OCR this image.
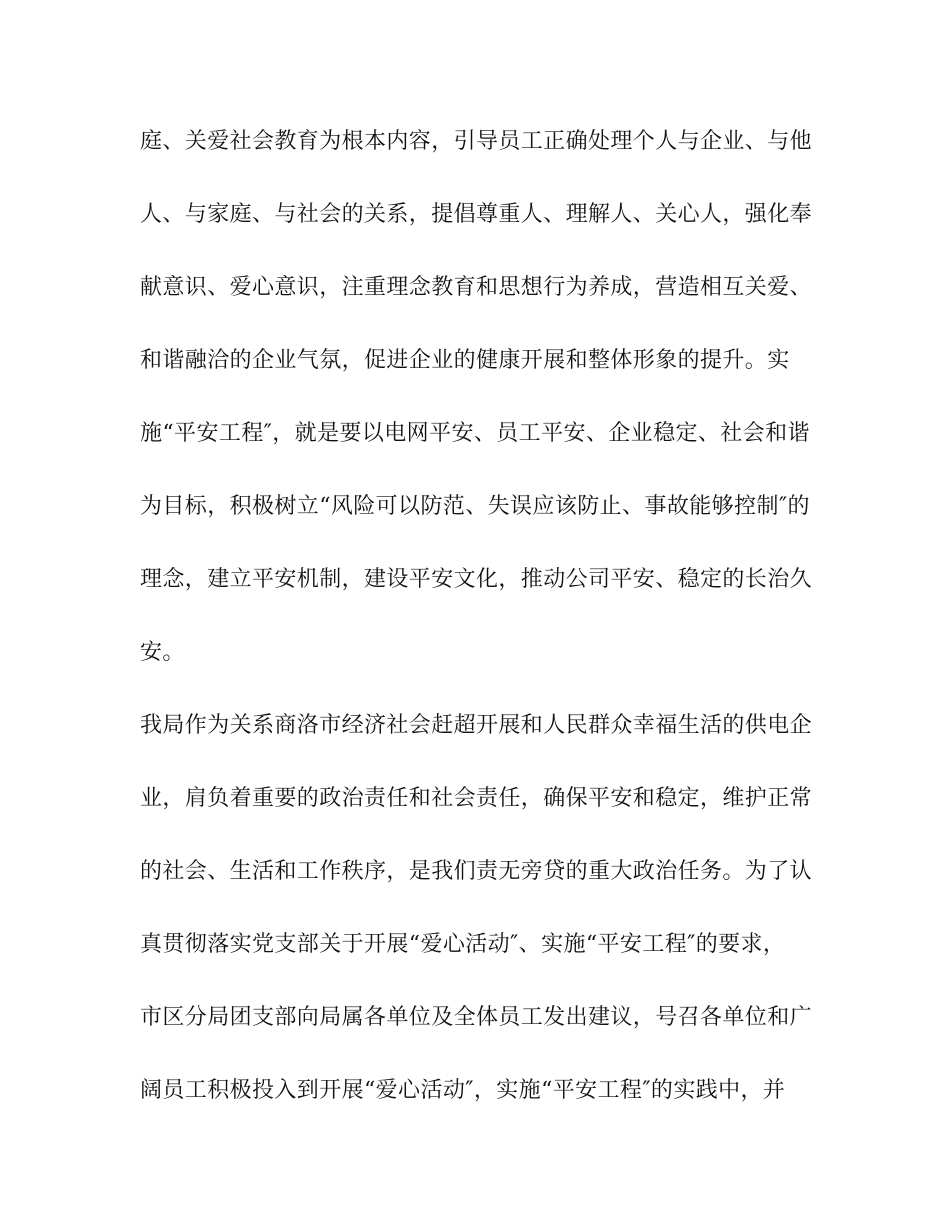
庭、关爱社会教育为根本内容，引导员工正确处理个人与企业、与他
人、与家庭、与社会的关系，提倡尊重人、理解人、关心人，强化奉
献意识、爱心意识，注重理念教育和思想行为养成，营造相互关爱、
和谐融洽的企业气氛，促进企业的健康开展和整体形象的提升。实
施“平安工程″，就是要以电网平安、员工平安、企业稳定、社会和谐
为目标，积极树立“风险可以防范、失误应该防止、事故能够控制″的
理念，建立平安机制，建设平安文化，推动公司平安、稳定的长治久
安。
我局作为关系商洛市经济社会赶超开展和人民群众幸福生活的供电企
业，肩负着重要的政治责任和社会责任，确保平安和稳定，维护正常
的社会、生活和工作秩序，是我们责无旁贷的重大政治任务。为了认
真贯彻落实党支部关于开展“爱心活动″、实施“平安工程″的要求，
市区分局团支部向局属各单位及全体员工发出建议，号召各单位和广
阔员工积极投入到开展“爱心活动″，实施“平安工程″的实践中，并
